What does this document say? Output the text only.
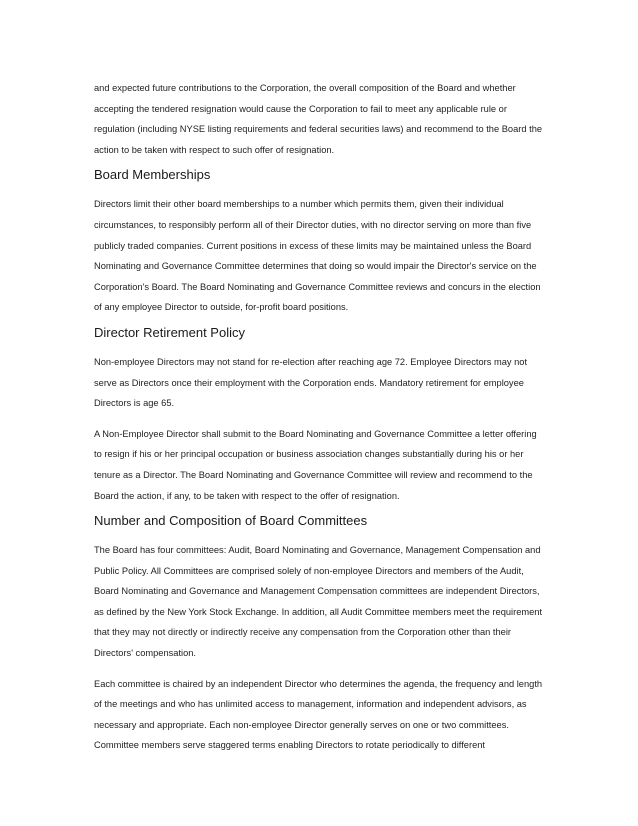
and expected future contributions to the Corporation, the overall composition of the Board and whether accepting the tendered resignation would cause the Corporation to fail to meet any applicable rule or regulation (including NYSE listing requirements and federal securities laws) and recommend to the Board the action to be taken with respect to such offer of resignation.

Board Memberships

Directors limit their other board memberships to a number which permits them, given their individual circumstances, to responsibly perform all of their Director duties, with no director serving on more than five publicly traded companies. Current positions in excess of these limits may be maintained unless the Board Nominating and Governance Committee determines that doing so would impair the Director's service on the Corporation's Board. The Board Nominating and Governance Committee reviews and concurs in the election of any employee Director to outside, for-profit board positions.

Director Retirement Policy

Non-employee Directors may not stand for re-election after reaching age 72. Employee Directors may not serve as Directors once their employment with the Corporation ends. Mandatory retirement for employee Directors is age 65.

A Non-Employee Director shall submit to the Board Nominating and Governance Committee a letter offering to resign if his or her principal occupation or business association changes substantially during his or her tenure as a Director. The Board Nominating and Governance Committee will review and recommend to the Board the action, if any, to be taken with respect to the offer of resignation.

Number and Composition of Board Committees

The Board has four committees: Audit, Board Nominating and Governance, Management Compensation and Public Policy. All Committees are comprised solely of non-employee Directors and members of the Audit, Board Nominating and Governance and Management Compensation committees are independent Directors, as defined by the New York Stock Exchange. In addition, all Audit Committee members meet the requirement that they may not directly or indirectly receive any compensation from the Corporation other than their Directors' compensation.

Each committee is chaired by an independent Director who determines the agenda, the frequency and length of the meetings and who has unlimited access to management, information and independent advisors, as necessary and appropriate. Each non-employee Director generally serves on one or two committees. Committee members serve staggered terms enabling Directors to rotate periodically to different
